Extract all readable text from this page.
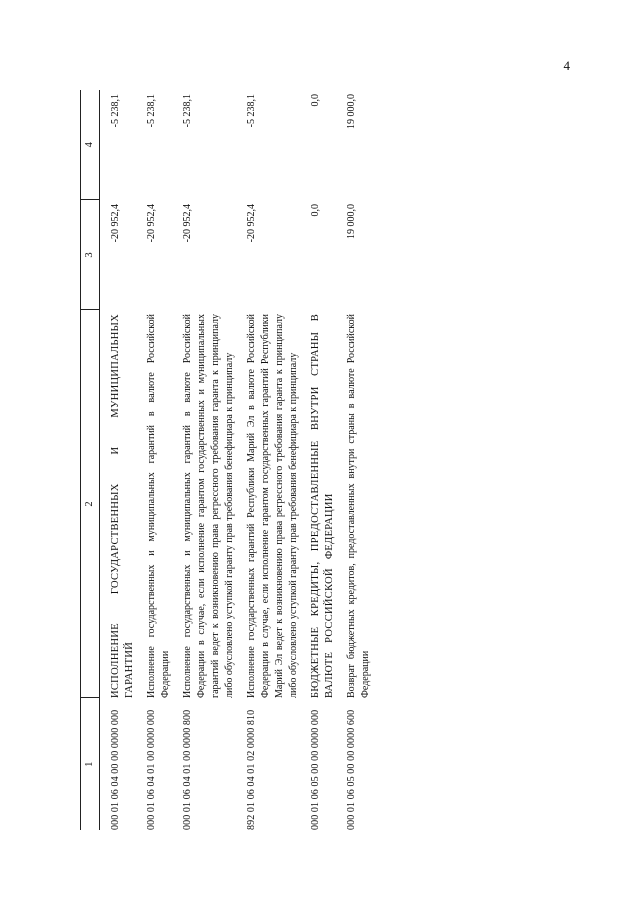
4
1	2	3	4
000 01 06 04 00 00 0000 000	ИСПОЛНЕНИЕ ГОСУДАРСТВЕННЫХ И МУНИЦИПАЛЬНЫХ ГАРАНТИЙ	-20 952,4	-5 238,1
000 01 06 04 01 00 0000 000	Исполнение государственных и муниципальных гарантий в валюте Российской Федерации	-20 952,4	-5 238,1
000 01 06 04 01 00 0000 800	Исполнение государственных и муниципальных гарантий в валюте Российской Федерации в случае, если исполнение гарантом государственных и муниципальных гарантий ведет к возникновению права регрессного требования гаранта к принципалу либо обусловлено уступкой гаранту прав требования бенефициара к принципалу	-20 952,4	-5 238,1
892 01 06 04 01 02 0000 810	Исполнение государственных гарантий Республики Марий Эл в валюте Российской Федерации в случае, если исполнение гарантом государственных гарантий Республики Марий Эл ведет к возникновению права регрессного требования гаранта к принципалу либо обусловлено уступкой гаранту прав требования бенефициара к принципалу	-20 952,4	-5 238,1
000 01 06 05 00 00 0000 000	БЮДЖЕТНЫЕ КРЕДИТЫ, ПРЕДОСТАВЛЕННЫЕ ВНУТРИ СТРАНЫ В ВАЛЮТЕ РОССИЙСКОЙ ФЕДЕРАЦИИ	0,0	0,0
000 01 06 05 00 00 0000 600	Возврат бюджетных кредитов, предоставленных внутри страны в валюте Российской Федерации	19 000,0	19 000,0
